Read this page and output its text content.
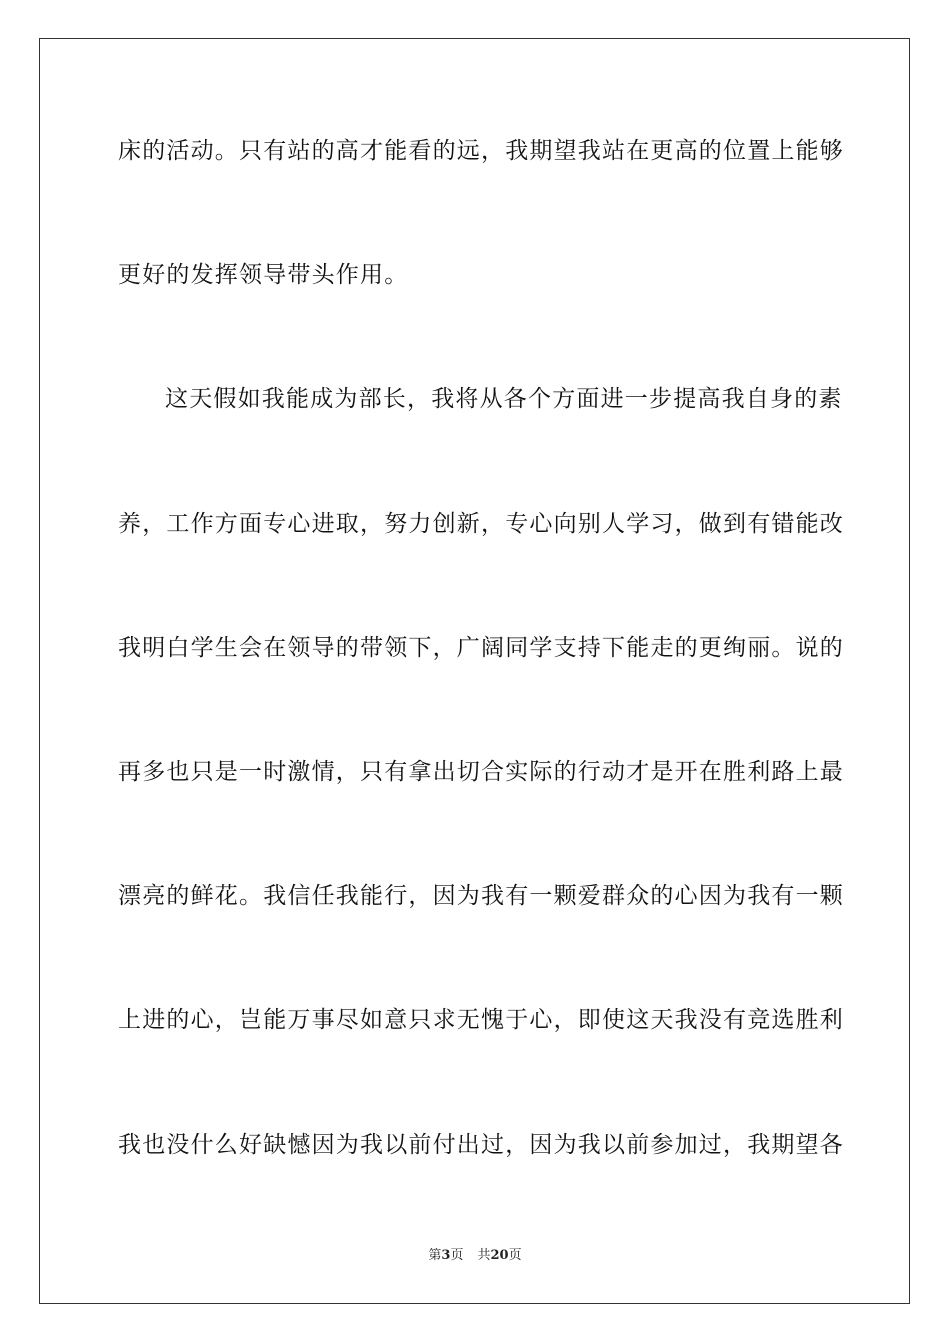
床的活动。只有站的高才能看的远，我期望我站在更高的位置上能够
更好的发挥领导带头作用。
这天假如我能成为部长，我将从各个方面进一步提高我自身的素
养，工作方面专心进取，努力创新，专心向别人学习，做到有错能改
我明白学生会在领导的带领下，广阔同学支持下能走的更绚丽。说的
再多也只是一时激情，只有拿出切合实际的行动才是开在胜利路上最
漂亮的鲜花。我信任我能行，因为我有一颗爱群众的心因为我有一颗
上进的心，岂能万事尽如意只求无愧于心，即使这天我没有竞选胜利
我也没什么好缺憾因为我以前付出过，因为我以前参加过，我期望各
第3页 共20页
